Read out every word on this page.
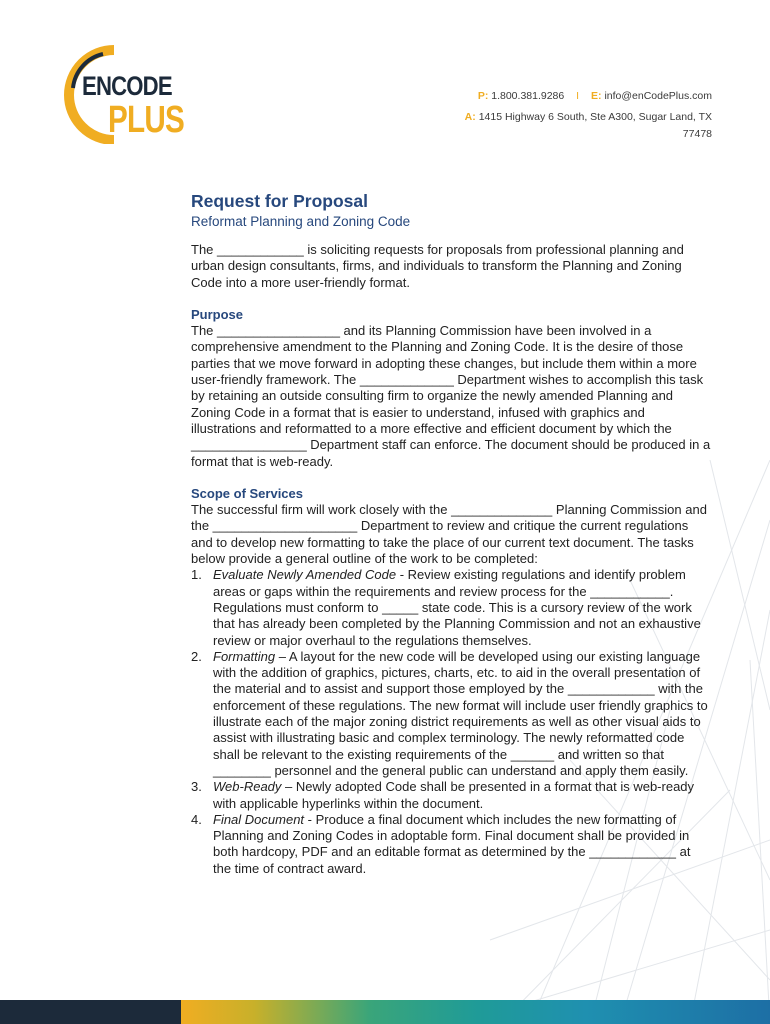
ENCODE
PLUS
P: 1.800.381.9286 I E: info@enCodePlus.com
A: 1415 Highway 6 South, Ste A300, Sugar Land, TX
77478
Request for Proposal
Reformat Planning and Zoning Code

The ____________ is soliciting requests for proposals from professional planning and urban design consultants, firms, and individuals to transform the Planning and Zoning Code into a more user-friendly format.

Purpose

The _________________ and its Planning Commission have been involved in a comprehensive amendment to the Planning and Zoning Code. It is the desire of those parties that we move forward in adopting these changes, but include them within a more user-friendly framework. The _____________ Department wishes to accomplish this task by retaining an outside consulting firm to organize the newly amended Planning and Zoning Code in a format that is easier to understand, infused with graphics and illustrations and reformatted to a more effective and efficient document by which the ________________ Department staff can enforce. The document should be produced in a format that is web-ready.

Scope of Services

The successful firm will work closely with the ______________ Planning Commission and the ____________________ Department to review and critique the current regulations and to develop new formatting to take the place of our current text document. The tasks below provide a general outline of the work to be completed:

1. Evaluate Newly Amended Code - Review existing regulations and identify problem areas or gaps within the requirements and review process for the ___________. Regulations must conform to _____ state code. This is a cursory review of the work that has already been completed by the Planning Commission and not an exhaustive review or major overhaul to the regulations themselves.
2. Formatting – A layout for the new code will be developed using our existing language with the addition of graphics, pictures, charts, etc. to aid in the overall presentation of the material and to assist and support those employed by the ____________ with the enforcement of these regulations. The new format will include user friendly graphics to illustrate each of the major zoning district requirements as well as other visual aids to assist with illustrating basic and complex terminology. The newly reformatted code shall be relevant to the existing requirements of the ______ and written so that ________ personnel and the general public can understand and apply them easily.
3. Web-Ready – Newly adopted Code shall be presented in a format that is web-ready with applicable hyperlinks within the document.
4. Final Document - Produce a final document which includes the new formatting of Planning and Zoning Codes in adoptable form. Final document shall be provided in both hardcopy, PDF and an editable format as determined by the ____________ at the time of contract award.
